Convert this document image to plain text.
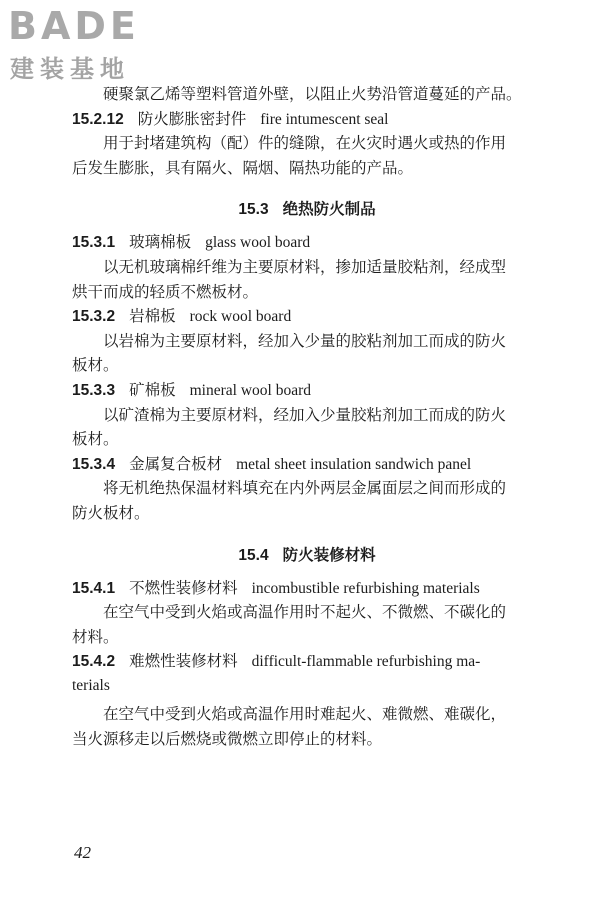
BADE
建装基地
硬聚氯乙烯等塑料管道外壁，以阻止火势沿管道蔓延的产品。
15.2.12 防火膨胀密封件 fire intumescent seal
用于封堵建筑构（配）件的缝隙，在火灾时遇火或热的作用
后发生膨胀，具有隔火、隔烟、隔热功能的产品。
15.3 绝热防火制品
15.3.1 玻璃棉板 glass wool board
以无机玻璃棉纤维为主要原材料，掺加适量胶粘剂，经成型
烘干而成的轻质不燃板材。
15.3.2 岩棉板 rock wool board
以岩棉为主要原材料，经加入少量的胶粘剂加工而成的防火
板材。
15.3.3 矿棉板 mineral wool board
以矿渣棉为主要原材料，经加入少量胶粘剂加工而成的防火
板材。
15.3.4 金属复合板材 metal sheet insulation sandwich panel
将无机绝热保温材料填充在内外两层金属面层之间而形成的
防火板材。
15.4 防火装修材料
15.4.1 不燃性装修材料 incombustible refurbishing materials
在空气中受到火焰或高温作用时不起火、不微燃、不碳化的
材料。
15.4.2 难燃性装修材料 difficult-flammable refurbishing ma-
terials
在空气中受到火焰或高温作用时难起火、难微燃、难碳化，
当火源移走以后燃烧或微燃立即停止的材料。
42
